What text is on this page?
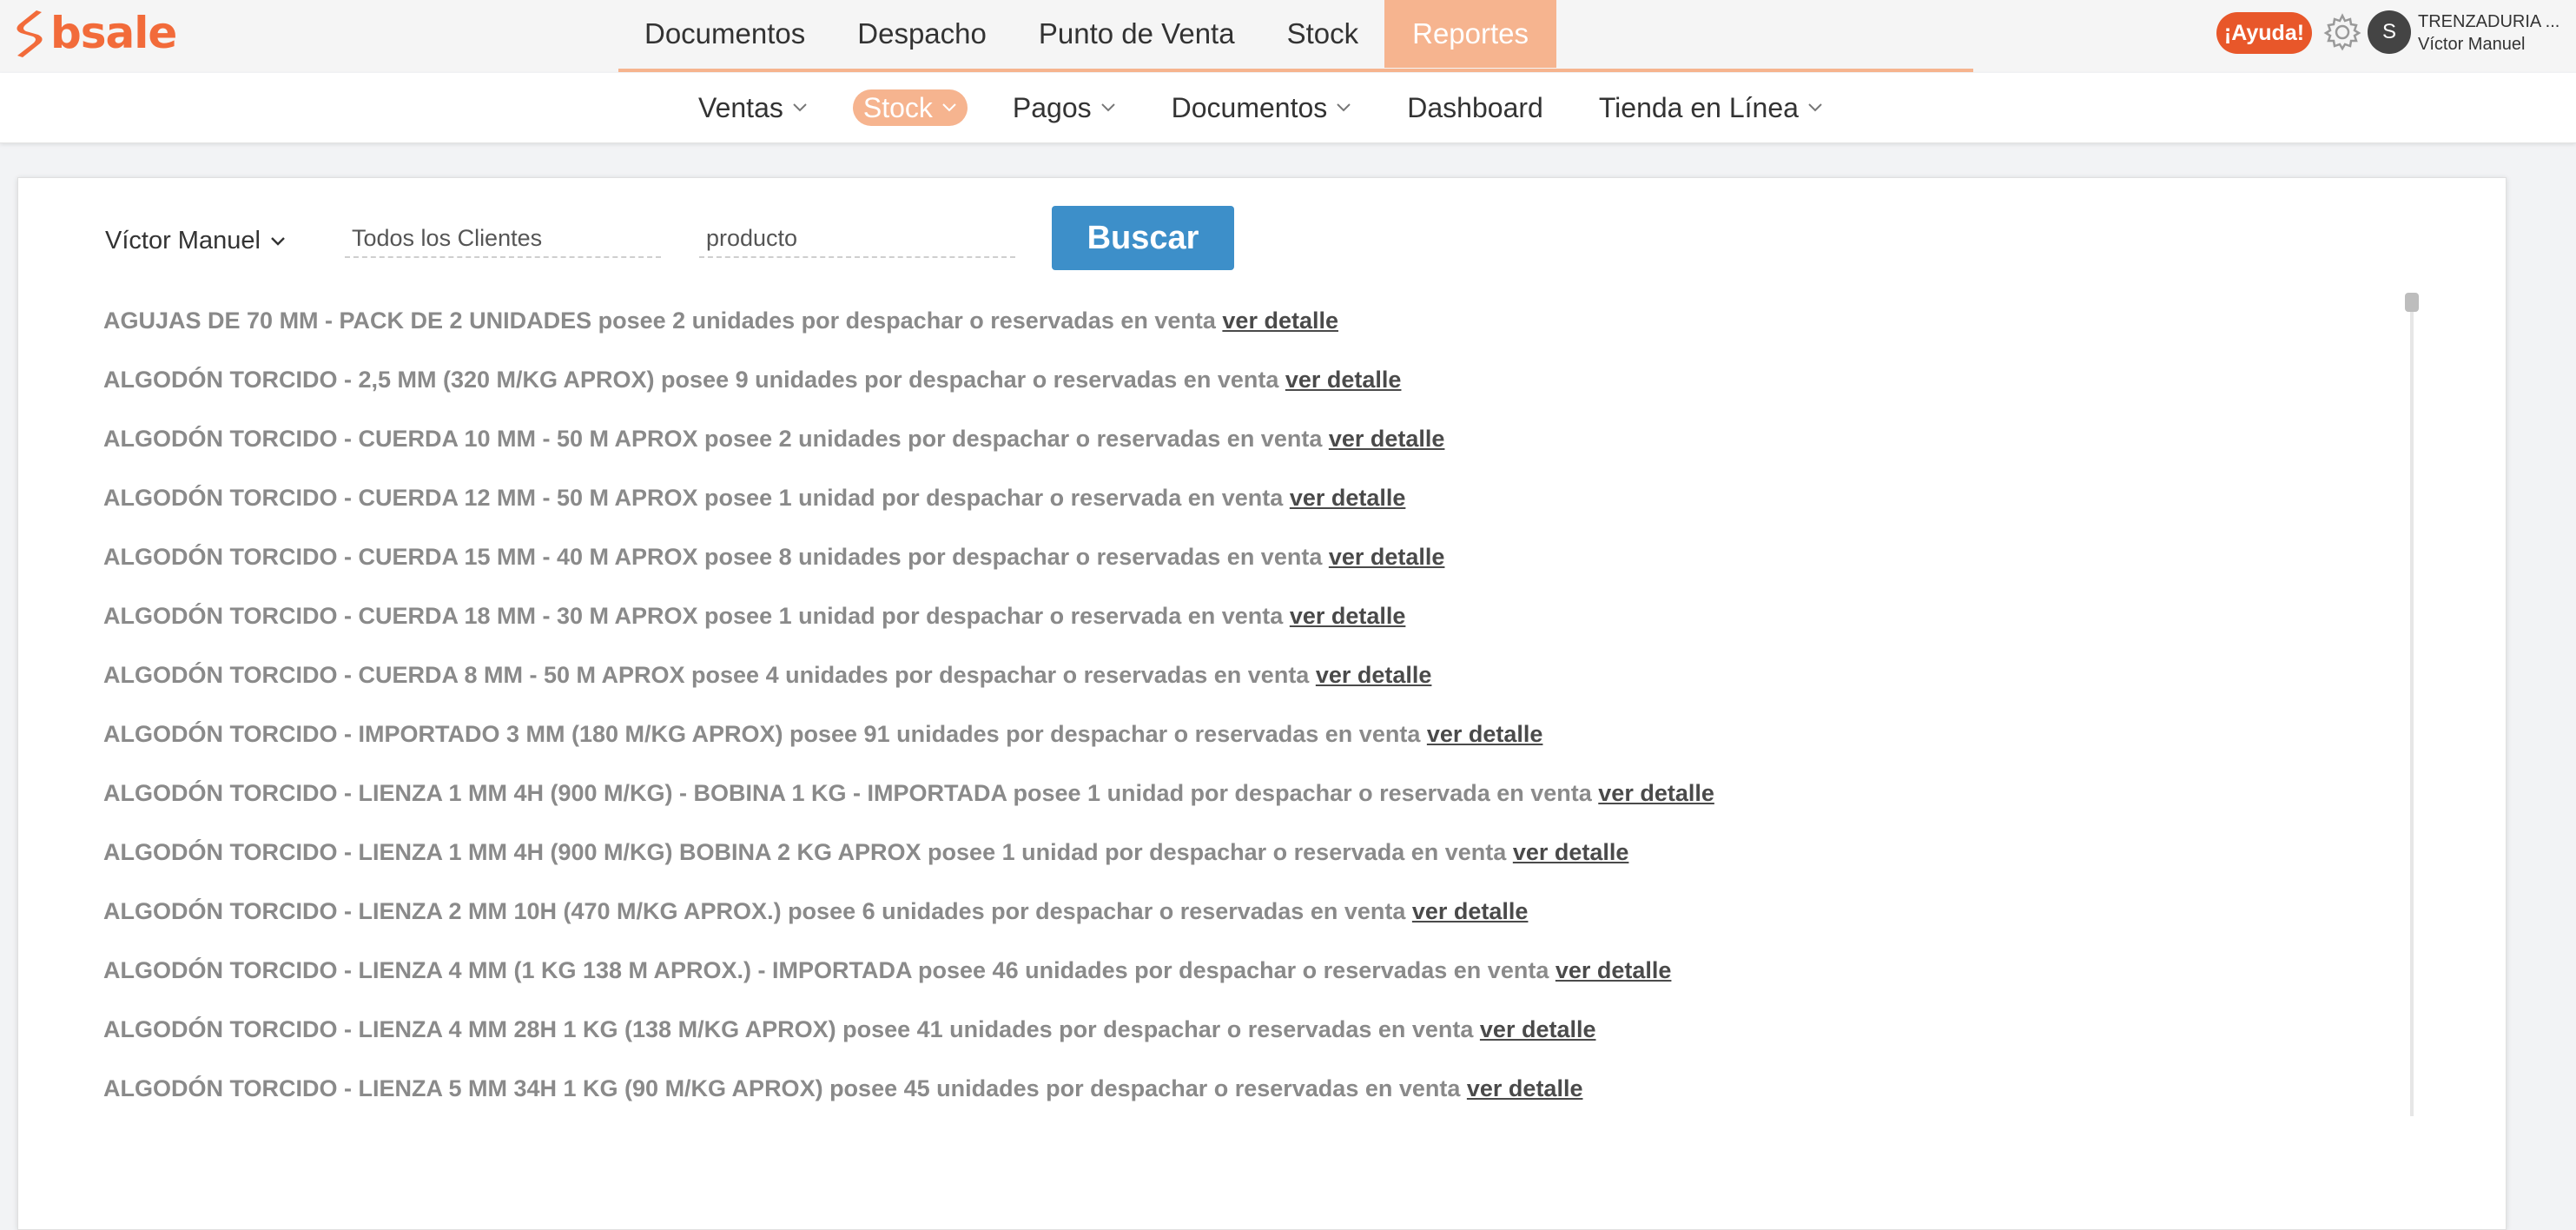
bsale	Documentos	Despacho	Punto de Venta	Stock	Reportes	¡Ayuda!	S	TRENZADURIA ...
Víctor Manuel
Ventas	Stock	Pagos	Documentos	Dashboard Tienda en Línea
Víctor Manuel
Todos los Clientes
producto	Buscar
AGUJAS DE 70 MM - PACK DE 2 UNIDADES posee 2 unidades por despachar o reservadas en venta ver detalle
ALGODÓN TORCIDO - 2,5 MM (320 M/KG APROX) posee 9 unidades por despachar o reservadas en venta ver detalle
ALGODÓN TORCIDO - CUERDA 10 MM - 50 M APROX posee 2 unidades por despachar o reservadas en venta ver detalle
ALGODÓN TORCIDO - CUERDA 12 MM - 50 M APROX posee 1 unidad por despachar o reservada en venta ver detalle
ALGODÓN TORCIDO - CUERDA 15 MM - 40 M APROX posee 8 unidades por despachar o reservadas en venta ver detalle
ALGODÓN TORCIDO - CUERDA 18 MM - 30 M APROX posee 1 unidad por despachar o reservada en venta ver detalle
ALGODÓN TORCIDO - CUERDA 8 MM - 50 M APROX posee 4 unidades por despachar o reservadas en venta ver detalle
ALGODÓN TORCIDO - IMPORTADO 3 MM (180 M/KG APROX) posee 91 unidades por despachar o reservadas en venta ver detalle
ALGODÓN TORCIDO - LIENZA 1 MM 4H (900 M/KG) - BOBINA 1 KG - IMPORTADA posee 1 unidad por despachar o reservada en venta ver detalle
ALGODÓN TORCIDO - LIENZA 1 MM 4H (900 M/KG) BOBINA 2 KG APROX posee 1 unidad por despachar o reservada en venta ver detalle
ALGODÓN TORCIDO - LIENZA 2 MM 10H (470 M/KG APROX.) posee 6 unidades por despachar o reservadas en venta ver detalle
ALGODÓN TORCIDO - LIENZA 4 MM (1 KG 138 M APROX.) - IMPORTADA posee 46 unidades por despachar o reservadas en venta ver detalle
ALGODÓN TORCIDO - LIENZA 4 MM 28H 1 KG (138 M/KG APROX) posee 41 unidades por despachar o reservadas en venta ver detalle
ALGODÓN TORCIDO - LIENZA 5 MM 34H 1 KG (90 M/KG APROX) posee 45 unidades por despachar o reservadas en venta ver detalle
